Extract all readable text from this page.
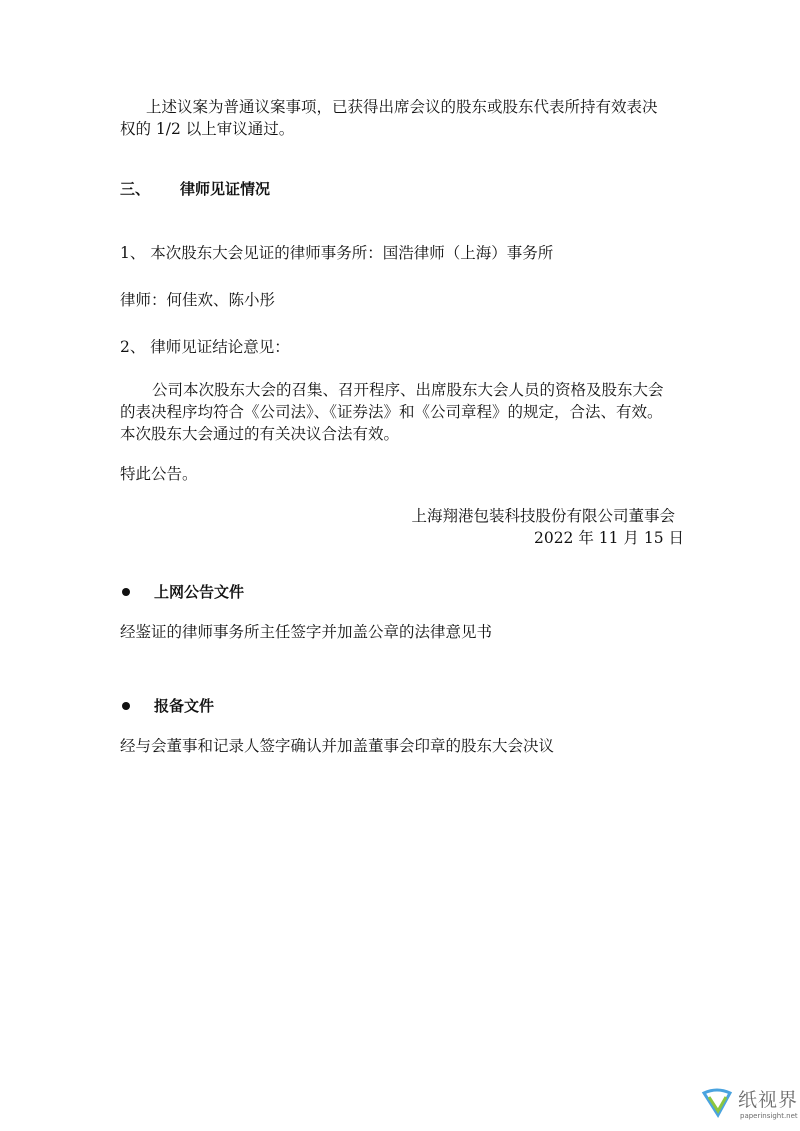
上述议案为普通议案事项，已获得出席会议的股东或股东代表所持有效表决

权的 1/2 以上审议通过。

三、 律师见证情况

1、 本次股东大会见证的律师事务所：国浩律师（上海）事务所

律师：何佳欢、陈小彤

2、 律师见证结论意见：

公司本次股东大会的召集、召开程序、出席股东大会人员的资格及股东大会

的表决程序均符合《公司法》、《证券法》和《公司章程》的规定，合法、有效。

本次股东大会通过的有关决议合法有效。

特此公告。

上海翔港包装科技股份有限公司董事会

2022 年 11 月 15 日

上网公告文件

经鉴证的律师事务所主任签字并加盖公章的法律意见书

报备文件

经与会董事和记录人签字确认并加盖董事会印章的股东大会决议

纸视界
paperinsight.net
